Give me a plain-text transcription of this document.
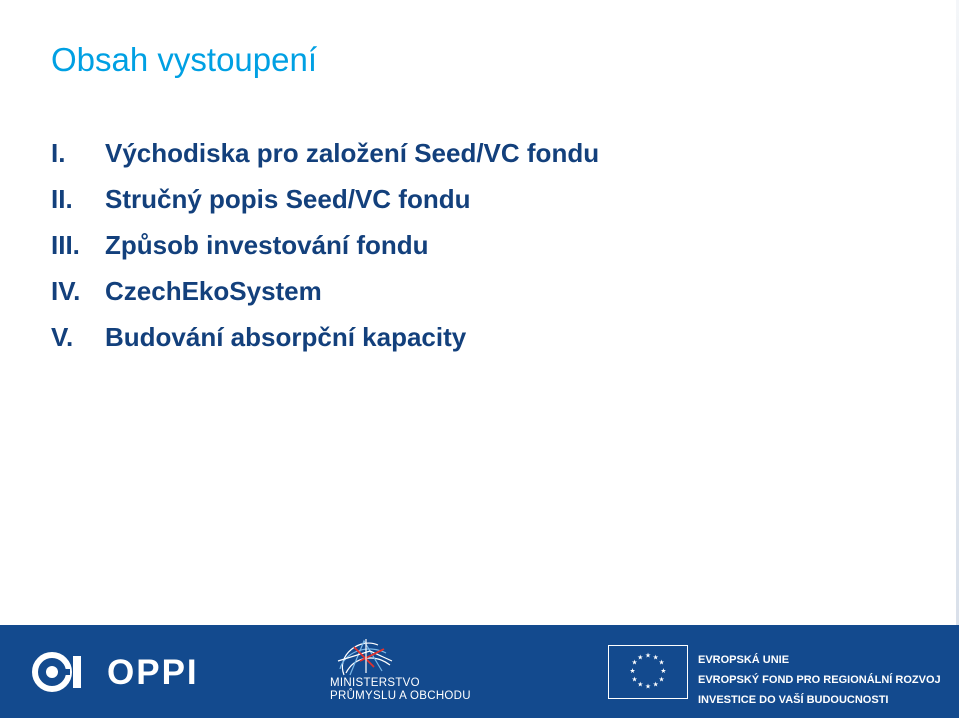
Obsah vystoupení
I. Východiska pro založení Seed/VC fondu
II. Stručný popis Seed/VC fondu
III. Způsob investování fondu
IV. CzechEkoSystem
V. Budování absorpční kapacity
OPPI	MINISTERSTVO
PRŮMYSLU A OBCHODU
★ ★
★
★
★
★
★
★
★
★
★
★	EVROPSKÁ UNIE
EVROPSKÝ FOND PRO REGIONÁLNÍ ROZVOJ
INVESTICE DO VAŠÍ BUDOUCNOSTI
